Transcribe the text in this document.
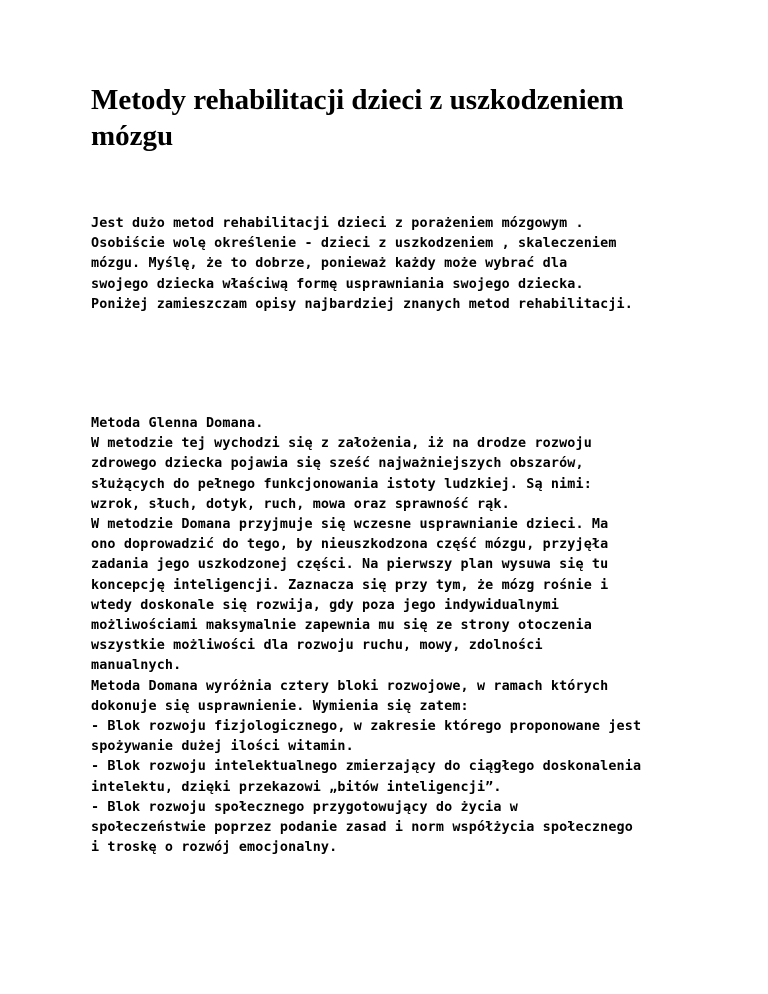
Metody rehabilitacji dzieci z uszkodzeniem mózgu
Jest dużo metod rehabilitacji dzieci z porażeniem mózgowym .
Osobiście wolę określenie - dzieci z uszkodzeniem , skaleczeniem
mózgu. Myślę, że to dobrze, ponieważ każdy może wybrać dla
swojego dziecka właściwą formę usprawniania swojego dziecka.
Poniżej zamieszczam opisy najbardziej znanych metod rehabilitacji.
Metoda Glenna Domana.
W metodzie tej wychodzi się z założenia, iż na drodze rozwoju
zdrowego dziecka pojawia się sześć najważniejszych obszarów,
służących do pełnego funkcjonowania istoty ludzkiej. Są nimi:
wzrok, słuch, dotyk, ruch, mowa oraz sprawność rąk.
W metodzie Domana przyjmuje się wczesne usprawnianie dzieci. Ma
ono doprowadzić do tego, by nieuszkodzona część mózgu, przyjęła
zadania jego uszkodzonej części. Na pierwszy plan wysuwa się tu
koncepcję inteligencji. Zaznacza się przy tym, że mózg rośnie i
wtedy doskonale się rozwija, gdy poza jego indywidualnymi
możliwościami maksymalnie zapewnia mu się ze strony otoczenia
wszystkie możliwości dla rozwoju ruchu, mowy, zdolności
manualnych.
Metoda Domana wyróżnia cztery bloki rozwojowe, w ramach których
dokonuje się usprawnienie. Wymienia się zatem:
- Blok rozwoju fizjologicznego, w zakresie którego proponowane jest
spożywanie dużej ilości witamin.
- Blok rozwoju intelektualnego zmierzający do ciągłego doskonalenia
intelektu, dzięki przekazowi „bitów inteligencji”.
- Blok rozwoju społecznego przygotowujący do życia w
społeczeństwie poprzez podanie zasad i norm współżycia społecznego
i troskę o rozwój emocjonalny.
